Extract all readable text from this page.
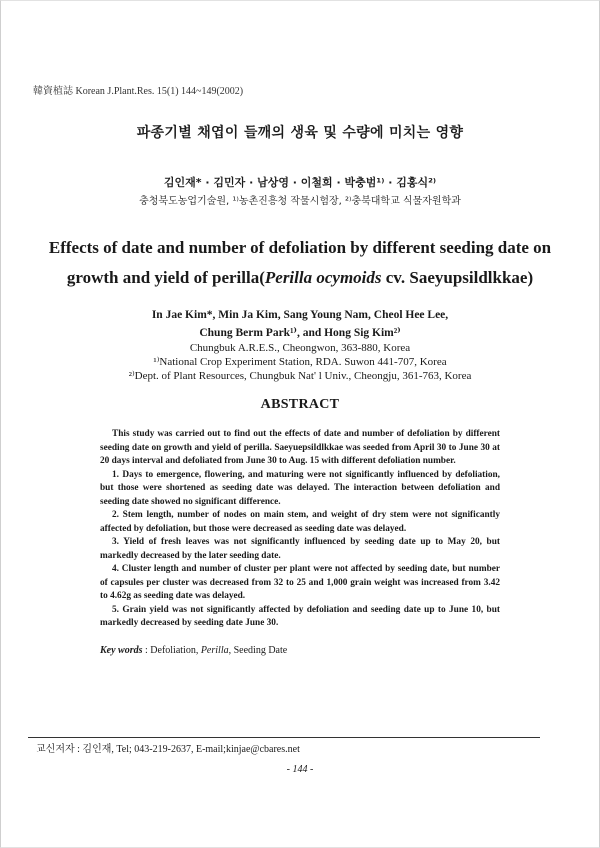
韓資植誌 Korean J.Plant.Res. 15(1) 144~149(2002)
파종기별 채엽이 들깨의 생육 및 수량에 미치는 영향
김인재* · 김민자 · 남상영 · 이철희 · 박충범¹⁾ · 김홍식²⁾
충청북도농업기술원, ¹⁾농촌진흥청 작물시험장, ²⁾충북대학교 식물자원학과
Effects of date and number of defoliation by different seeding date on growth and yield of perilla(Perilla ocymoids cv. Saeyupsildlkkae)
In Jae Kim*, Min Ja Kim, Sang Young Nam, Cheol Hee Lee,
Chung Berm Park¹⁾, and Hong Sig Kim²⁾
Chungbuk A.R.E.S., Cheongwon, 363-880, Korea
¹⁾National Crop Experiment Station, RDA. Suwon 441-707, Korea
²⁾Dept. of Plant Resources, Chungbuk Nat' l Univ., Cheongju, 361-763, Korea
ABSTRACT

This study was carried out to find out the effects of date and number of defoliation by different seeding date on growth and yield of perilla. Saeyuepsildlkkae was seeded from April 30 to June 30 at 20 days interval and defoliated from June 30 to Aug. 15 with different defoliation number.

1. Days to emergence, flowering, and maturing were not significantly influenced by defoliation, but those were shortened as seeding date was delayed. The interaction between defoliation and seeding date showed no significant difference.

2. Stem length, number of nodes on main stem, and weight of dry stem were not significantly affected by defoliation, but those were decreased as seeding date was delayed.

3. Yield of fresh leaves was not significantly influenced by seeding date up to May 20, but markedly decreased by the later seeding date.

4. Cluster length and number of cluster per plant were not affected by seeding date, but number of capsules per cluster was decreased from 32 to 25 and 1,000 grain weight was increased from 3.42 to 4.62g as seeding date was delayed.

5. Grain yield was not significantly affected by defoliation and seeding date up to June 10, but markedly decreased by seeding date June 30.

Key words : Defoliation, Perilla, Seeding Date
교신저자 : 김인재, Tel; 043-219-2637, E-mail;kinjae@cbares.net
- 144 -
